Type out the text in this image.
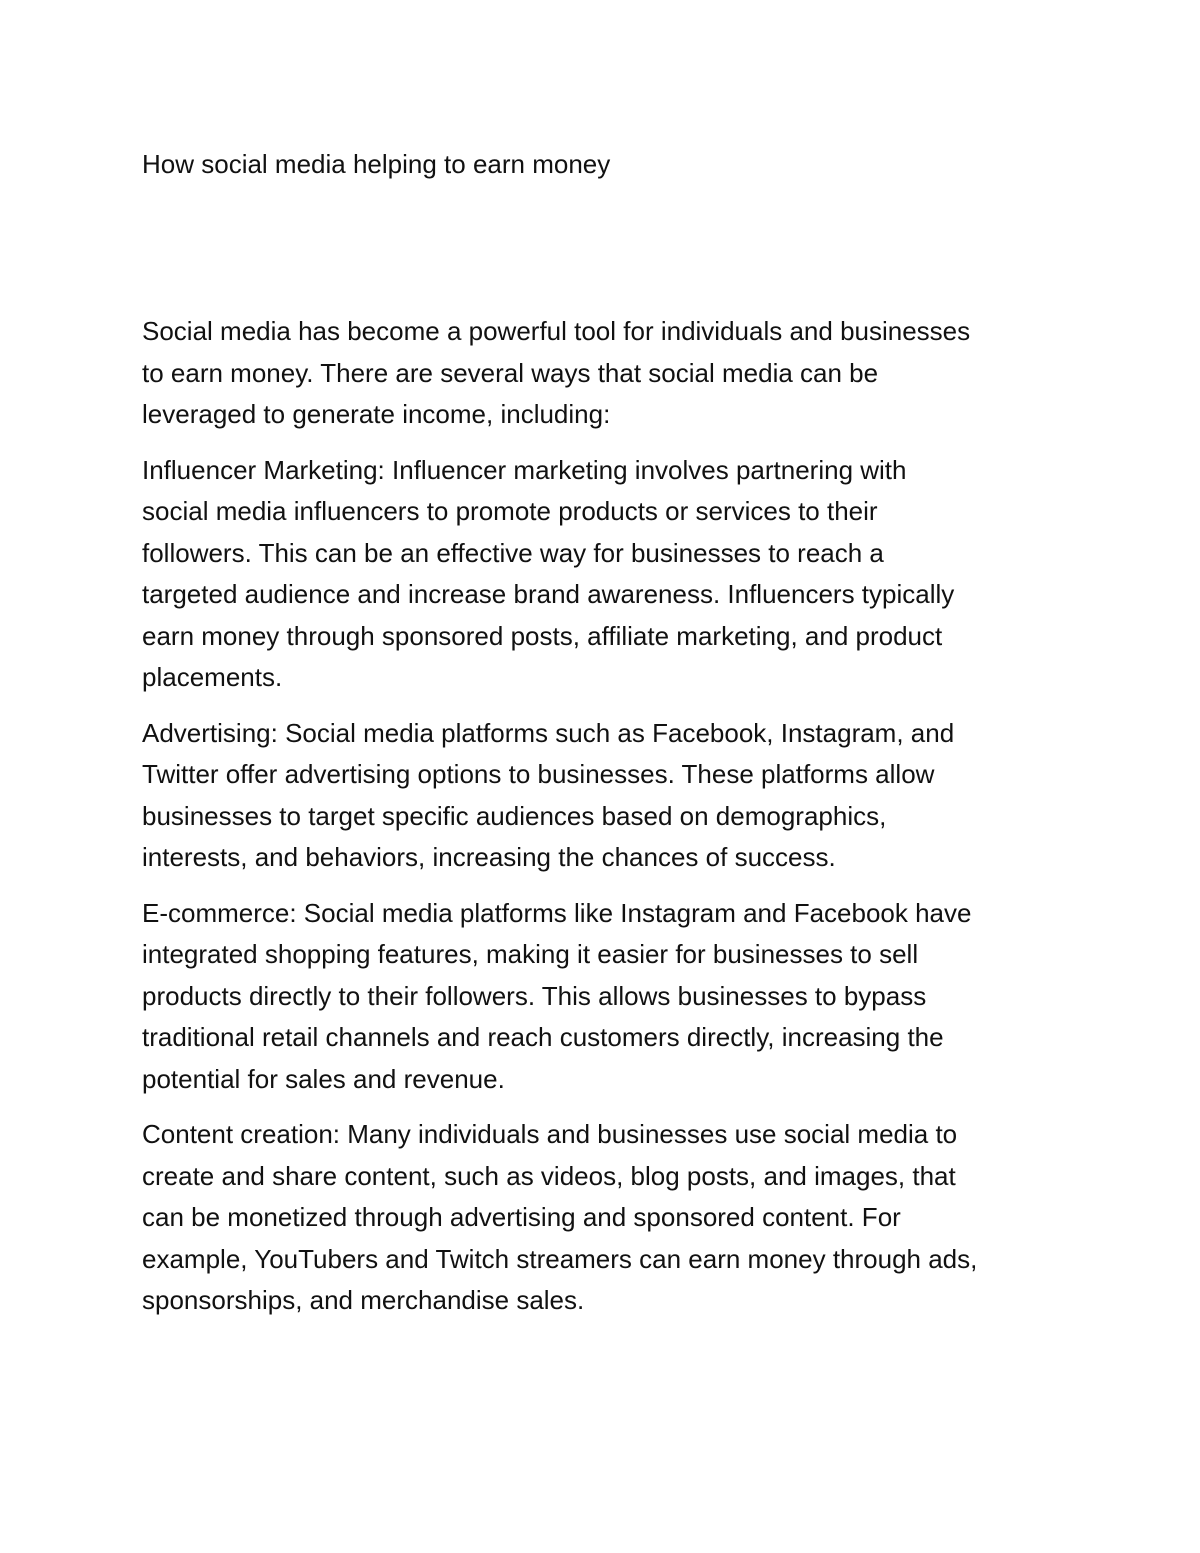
How social media helping to earn money

Social media has become a powerful tool for individuals and businesses
to earn money. There are several ways that social media can be
leveraged to generate income, including:

Influencer Marketing: Influencer marketing involves partnering with
social media influencers to promote products or services to their
followers. This can be an effective way for businesses to reach a
targeted audience and increase brand awareness. Influencers typically
earn money through sponsored posts, affiliate marketing, and product
placements.

Advertising: Social media platforms such as Facebook, Instagram, and
Twitter offer advertising options to businesses. These platforms allow
businesses to target specific audiences based on demographics,
interests, and behaviors, increasing the chances of success.

E-commerce: Social media platforms like Instagram and Facebook have
integrated shopping features, making it easier for businesses to sell
products directly to their followers. This allows businesses to bypass
traditional retail channels and reach customers directly, increasing the
potential for sales and revenue.

Content creation: Many individuals and businesses use social media to
create and share content, such as videos, blog posts, and images, that
can be monetized through advertising and sponsored content. For
example, YouTubers and Twitch streamers can earn money through ads,
sponsorships, and merchandise sales.
